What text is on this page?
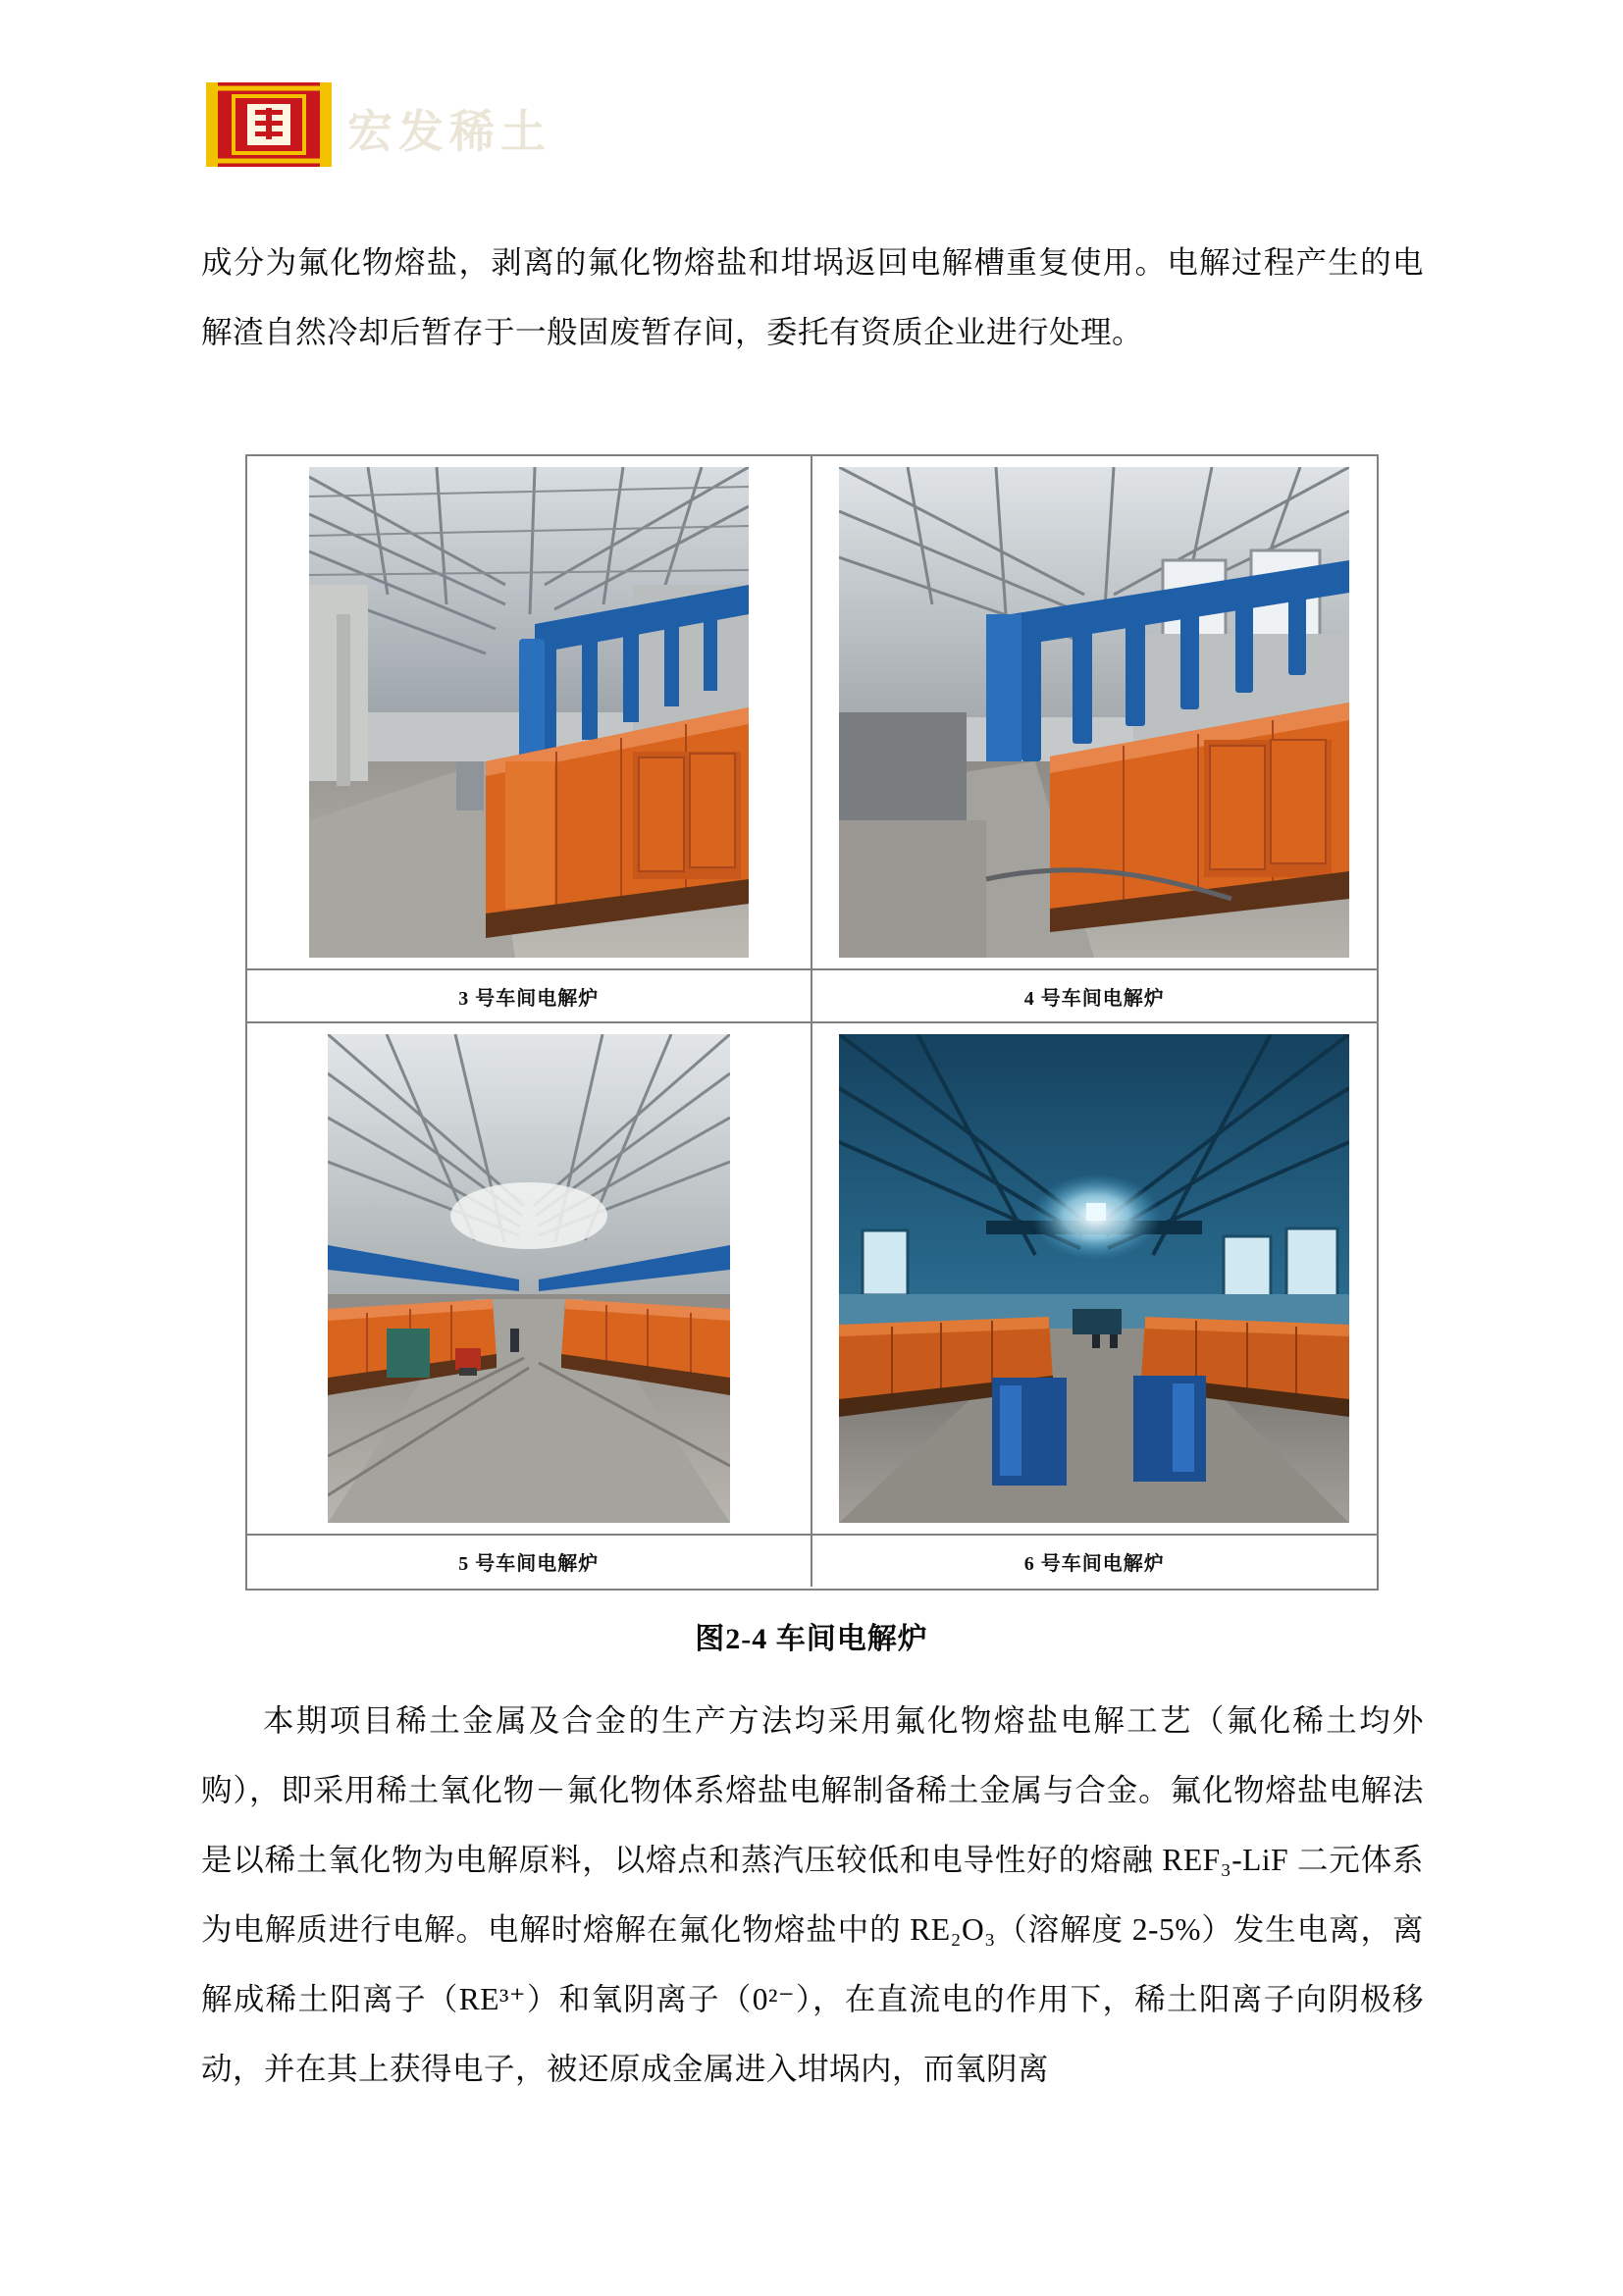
宏发稀土

成分为氟化物熔盐，剥离的氟化物熔盐和坩埚返回电解槽重复使用。电解过程产生的电解渣自然冷却后暂存于一般固废暂存间，委托有资质企业进行处理。

3 号车间电解炉	4 号车间电解炉
5 号车间电解炉	6 号车间电解炉
图2-4 车间电解炉

本期项目稀土金属及合金的生产方法均采用氟化物熔盐电解工艺（氟化稀土均外购），即采用稀土氧化物－氟化物体系熔盐电解制备稀土金属与合金。氟化物熔盐电解法是以稀土氧化物为电解原料，以熔点和蒸汽压较低和电导性好的熔融 REF₃-LiF 二元体系为电解质进行电解。电解时熔解在氟化物熔盐中的 RE₂O₃（溶解度 2-5%）发生电离，离解成稀土阳离子（RE³⁺）和氧阴离子（0²⁻），在直流电的作用下，稀土阳离子向阴极移动，并在其上获得电子，被还原成金属进入坩埚内，而氧阴离
